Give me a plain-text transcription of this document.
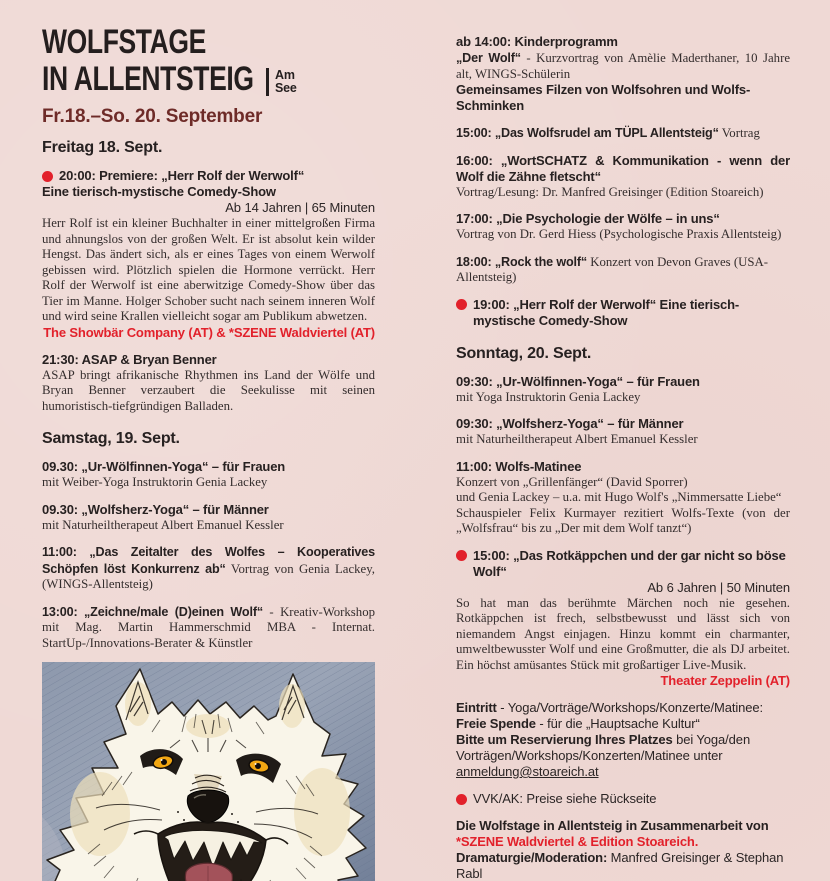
WOLFSTAGE
IN ALLENTSTEIG	Am
See
Fr.18.–So. 20. September
Freitag 18. Sept.
20:00: Premiere: „Herr Rolf der Werwolf“
Eine tierisch-mystische Comedy-Show
Ab 14 Jahren | 65 Minuten

Herr Rolf ist ein kleiner Buchhalter in einer mittelgroßen Firma und ahnungslos von der großen Welt. Er ist absolut kein wilder Hengst. Das ändert sich, als er eines Tages von einem Werwolf gebissen wird. Plötzlich spielen die Hormone verrückt. Herr Rolf der Werwolf ist eine aberwitzige Comedy-Show über das Tier im Manne. Holger Schober sucht nach seinem inneren Wolf und wird seine Krallen vielleicht sogar am Publikum abwetzen.

The Showbär Company (AT) & *SZENE Waldviertel (AT)
21:30: ASAP & Bryan Benner

ASAP bringt afrikanische Rhythmen ins Land der Wölfe und Bryan Benner verzaubert die Seekulisse mit seinen humoristisch-tiefgründigen Balladen.

Samstag, 19. Sept.
09.30: „Ur-Wölfinnen-Yoga“ – für Frauen
mit Weiber-Yoga Instruktorin Genia Lackey
09.30: „Wolfsherz-Yoga“ – für Männer
mit Naturheiltherapeut Albert Emanuel Kessler

11:00: „Das Zeitalter des Wolfes – Kooperatives Schöpfen löst Konkurrenz ab“ Vortrag von Genia Lackey, (WINGS-Allentsteig)

13:00: „Zeichne/male (D)einen Wolf“ - Kreativ-Workshop mit Mag. Martin Hammerschmid MBA - Internat. StartUp-/Innovations-Berater & Künstler

ab 14:00: Kinderprogramm

„Der Wolf“ - Kurzvortrag von Amèlie Maderthaner, 10 Jahre alt, WINGS-Schülerin

Gemeinsames Filzen von Wolfsohren und Wolfs-Schminken

15:00: „Das Wolfsrudel am TÜPL Allentsteig“ Vortrag

16:00: „WortSCHATZ & Kommunikation - wenn der Wolf die Zähne fletscht“
Vortrag/Lesung: Dr. Manfred Greisinger (Edition Stoareich)
17:00: „Die Psychologie der Wölfe – in uns“
Vortrag von Dr. Gerd Hiess (Psychologische Praxis Allentsteig)

18:00: „Rock the wolf“ Konzert von Devon Graves (USA-Allentsteig)

19:00: „Herr Rolf der Werwolf“ Eine tierisch-mystische Comedy-Show
Sonntag, 20. Sept.
09:30: „Ur-Wölfinnen-Yoga“ – für Frauen
mit Yoga Instruktorin Genia Lackey
09:30: „Wolfsherz-Yoga“ – für Männer
mit Naturheiltherapeut Albert Emanuel Kessler
11:00: Wolfs-Matinee
Konzert von „Grillenfänger“ (David Sporrer)
und Genia Lackey – u.a. mit Hugo Wolf's „Nimmersatte Liebe“
Schauspieler Felix Kurmayer rezitiert Wolfs-Texte (von der „Wolfsfrau“ bis zu „Der mit dem Wolf tanzt“)
15:00: „Das Rotkäppchen und der gar nicht so böse Wolf“
Ab 6 Jahren | 50 Minuten

So hat man das berühmte Märchen noch nie gesehen. Rotkäppchen ist frech, selbstbewusst und lässt sich von niemandem Angst einjagen. Hinzu kommt ein charmanter, umweltbewusster Wolf und eine Großmutter, die als DJ arbeitet. Ein höchst amüsantes Stück mit großartiger Live-Musik.

Theater Zeppelin (AT)

Eintritt - Yoga/Vorträge/Workshops/Konzerte/Matinee: Freie Spende - für die „Hauptsache Kultur“

Bitte um Reservierung Ihres Platzes bei Yoga/den Vorträgen/Workshops/Konzerten/Matinee unter anmeldung@stoareich.at

VVK/AK: Preise siehe Rückseite
Die Wolfstage in Allentsteig in Zusammenarbeit von
*SZENE Waldviertel & Edition Stoareich.

Dramaturgie/Moderation: Manfred Greisinger & Stephan Rabl
